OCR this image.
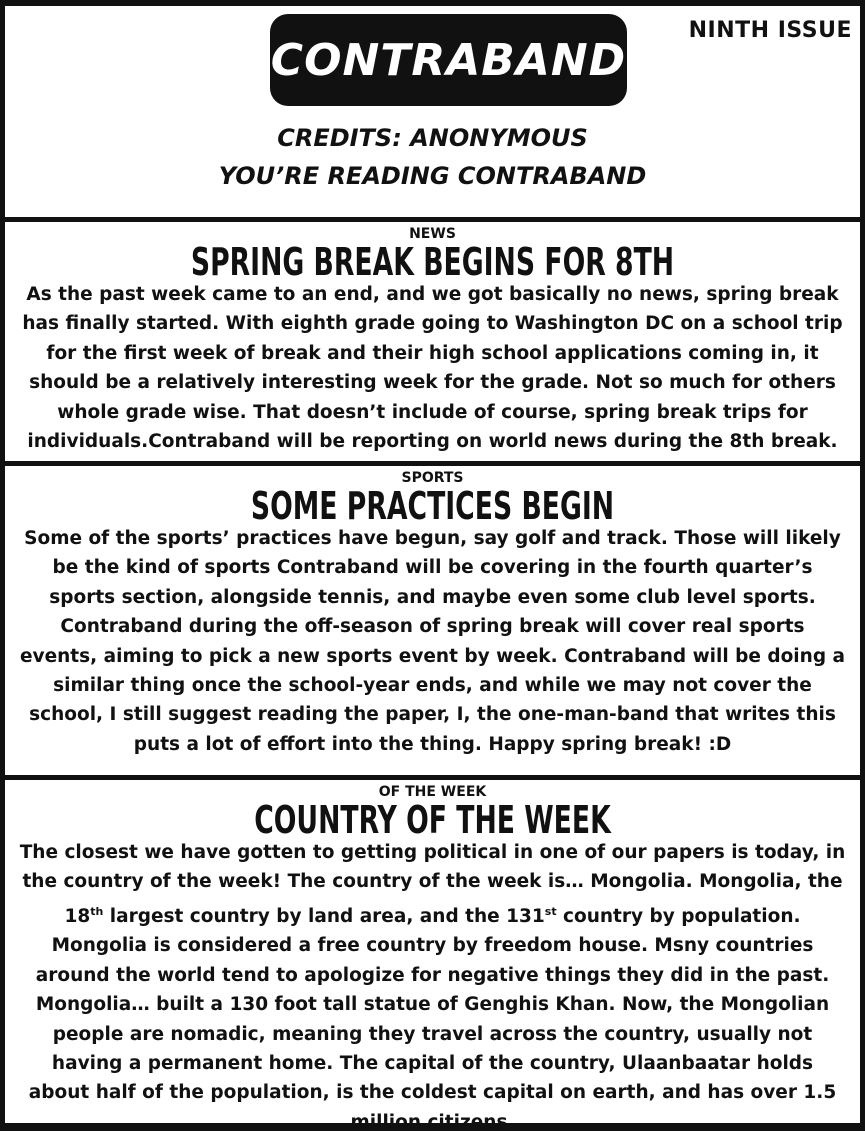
CONTRABAND
NINTH ISSUE
CREDITS: ANONYMOUS
YOU’RE READING CONTRABAND
NEWS
SPRING BREAK BEGINS FOR 8TH

As the past week came to an end, and we got basically no news, spring break has finally started. With eighth grade going to Washington DC on a school trip for the first week of break and their high school applications coming in, it should be a relatively interesting week for the grade. Not so much for others whole grade wise. That doesn’t include of course, spring break trips for individuals.Contraband will be reporting on world news during the 8th break.

SPORTS
SOME PRACTICES BEGIN

Some of the sports’ practices have begun, say golf and track. Those will likely be the kind of sports Contraband will be covering in the fourth quarter’s sports section, alongside tennis, and maybe even some club level sports. Contraband during the off-season of spring break will cover real sports events, aiming to pick a new sports event by week. Contraband will be doing a similar thing once the school-year ends, and while we may not cover the school, I still suggest reading the paper, I, the one-man-band that writes this puts a lot of effort into the thing. Happy spring break! :D

OF THE WEEK
COUNTRY OF THE WEEK

The closest we have gotten to getting political in one of our papers is today, in the country of the week! The country of the week is… Mongolia. Mongolia, the 18th largest country by land area, and the 131st country by population. Mongolia is considered a free country by freedom house. Msny countries around the world tend to apologize for negative things they did in the past. Mongolia… built a 130 foot tall statue of Genghis Khan. Now, the Mongolian people are nomadic, meaning they travel across the country, usually not having a permanent home. The capital of the country, Ulaanbaatar holds about half of the population, is the coldest capital on earth, and has over 1.5 million citizens.
